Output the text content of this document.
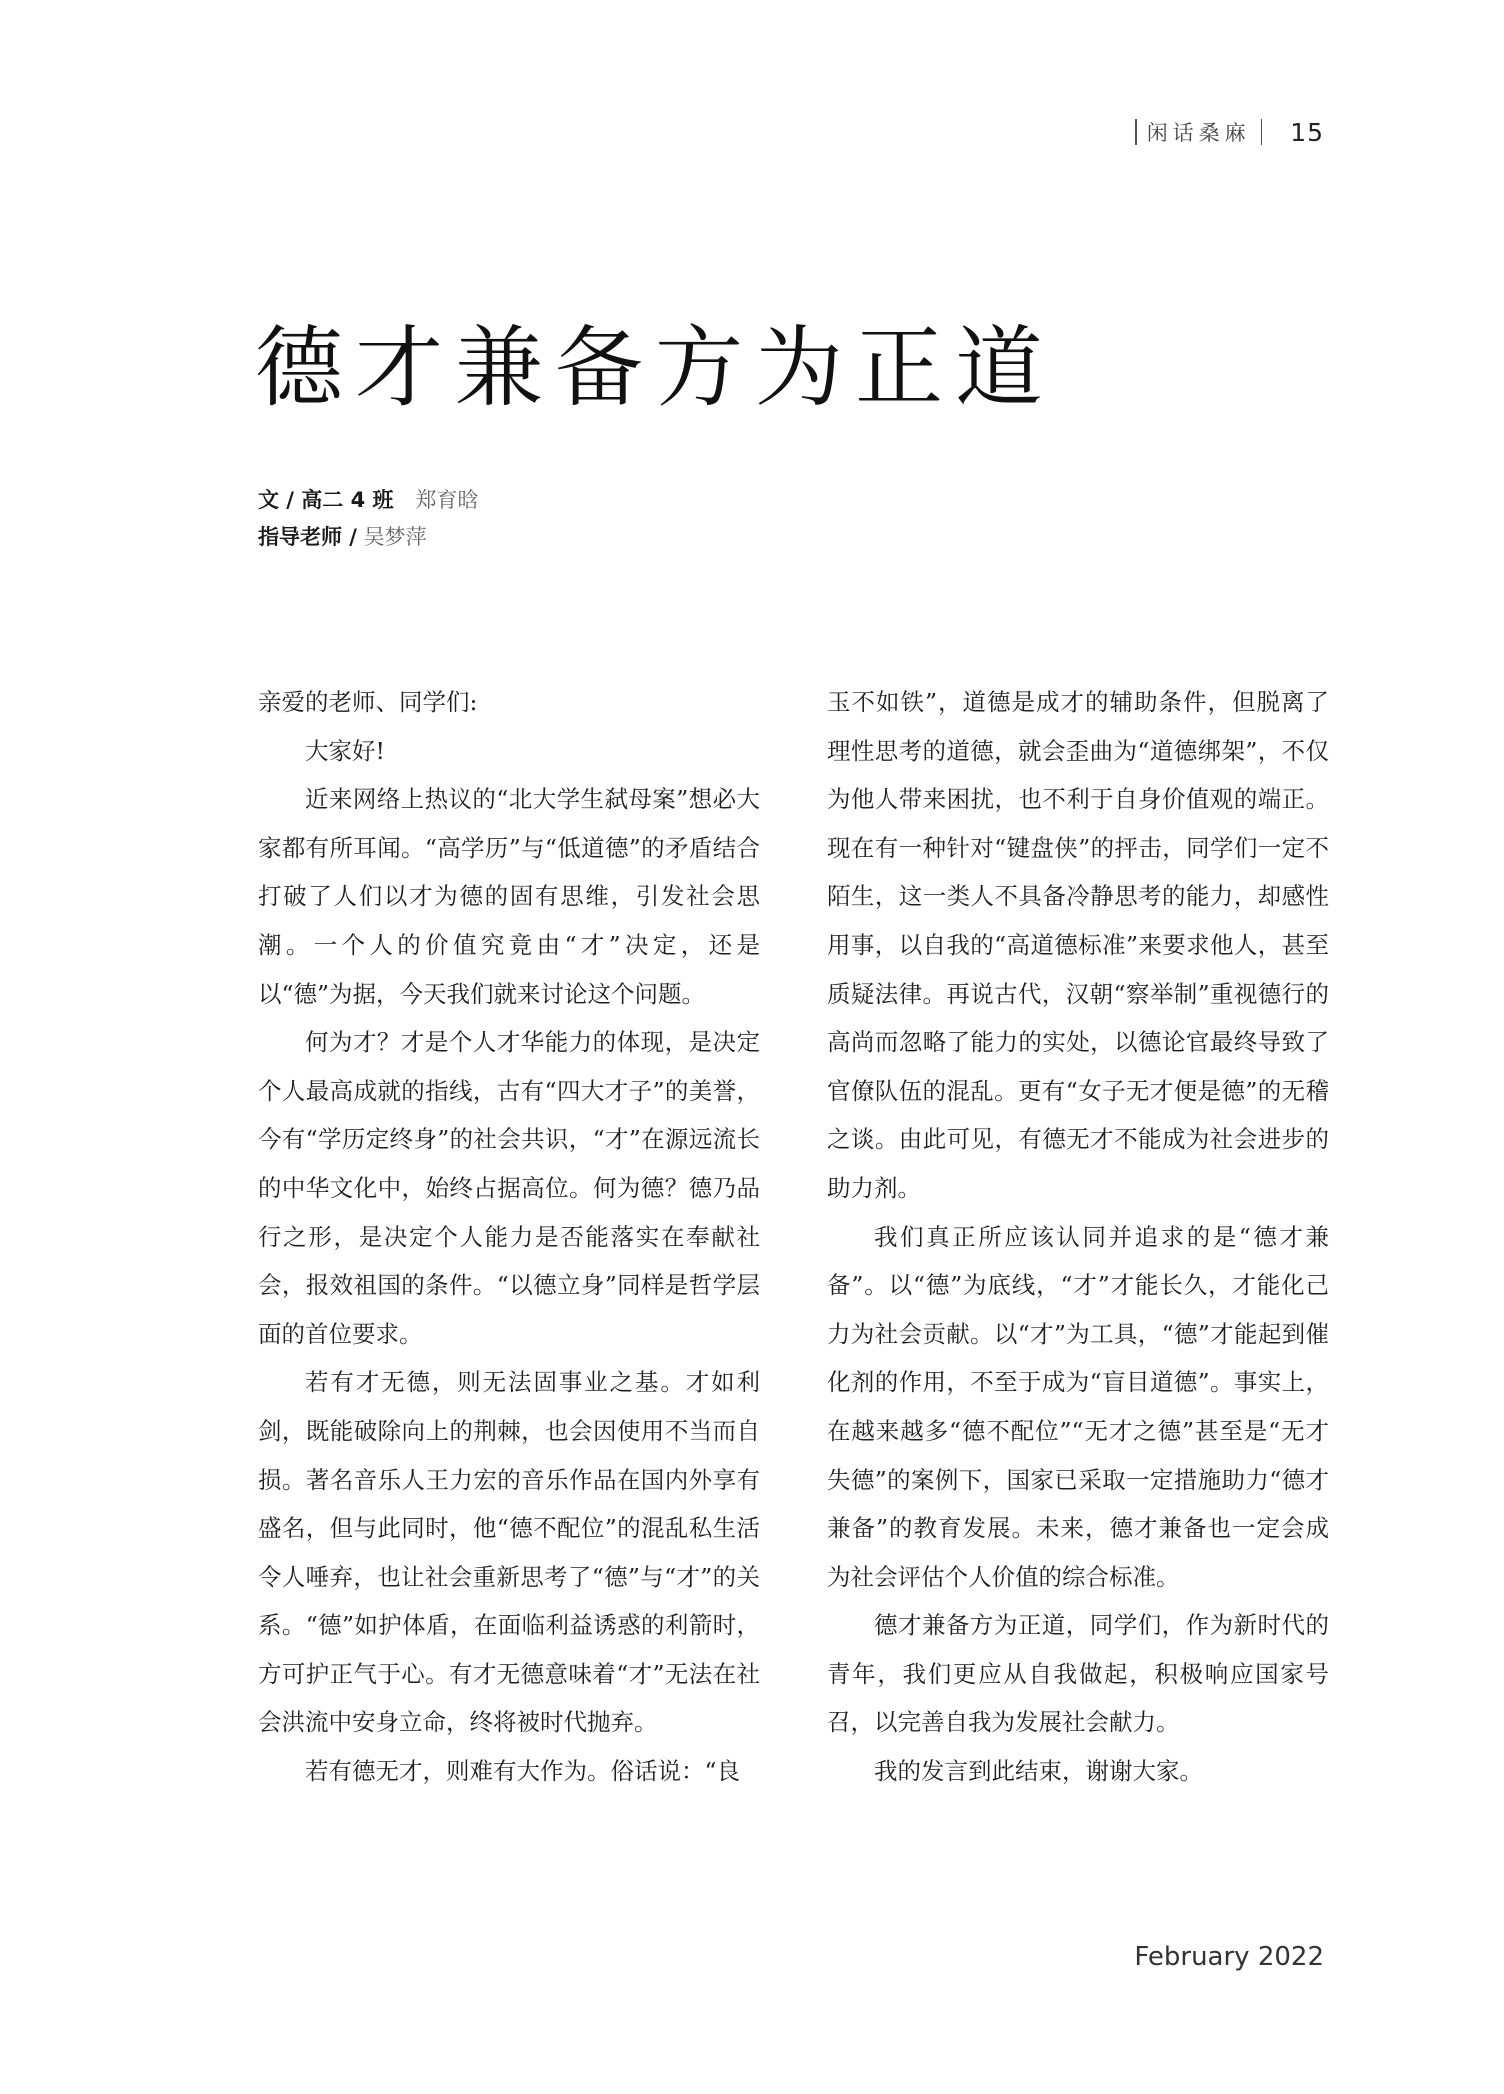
闲话桑麻 15
德才兼备方为正道
文 / 高二 4 班 郑育晗
指导老师 / 吴梦萍

亲爱的老师、同学们:

大家好!

近来网络上热议的“北大学生弑母案”想必大家都有所耳闻。“高学历”与“低道德”的矛盾结合打破了人们以才为德的固有思维，引发社会思潮。一个人的价值究竟由“才”决定，还是以“德”为据，今天我们就来讨论这个问题。

何为才？才是个人才华能力的体现，是决定个人最高成就的指线，古有“四大才子”的美誉，今有“学历定终身”的社会共识，“才”在源远流长的中华文化中，始终占据高位。何为德？德乃品行之形，是决定个人能力是否能落实在奉献社会，报效祖国的条件。“以德立身”同样是哲学层面的首位要求。

若有才无德，则无法固事业之基。才如利剑，既能破除向上的荆棘，也会因使用不当而自损。著名音乐人王力宏的音乐作品在国内外享有盛名，但与此同时，他“德不配位”的混乱私生活令人唾弃，也让社会重新思考了“德”与“才”的关系。“德”如护体盾，在面临利益诱惑的利箭时，方可护正气于心。有才无德意味着“才”无法在社会洪流中安身立命，终将被时代抛弃。

若有德无才，则难有大作为。俗话说：“良

玉不如铁”，道德是成才的辅助条件，但脱离了理性思考的道德，就会歪曲为“道德绑架”，不仅为他人带来困扰，也不利于自身价值观的端正。现在有一种针对“键盘侠”的抨击，同学们一定不陌生，这一类人不具备冷静思考的能力，却感性用事，以自我的“高道德标准”来要求他人，甚至质疑法律。再说古代，汉朝“察举制”重视德行的高尚而忽略了能力的实处，以德论官最终导致了官僚队伍的混乱。更有“女子无才便是德”的无稽之谈。由此可见，有德无才不能成为社会进步的助力剂。

我们真正所应该认同并追求的是“德才兼备”。以“德”为底线，“才”才能长久，才能化己力为社会贡献。以“才”为工具，“德”才能起到催化剂的作用，不至于成为“盲目道德”。事实上，在越来越多“德不配位”“无才之德”甚至是“无才失德”的案例下，国家已采取一定措施助力“德才兼备”的教育发展。未来，德才兼备也一定会成为社会评估个人价值的综合标准。

德才兼备方为正道，同学们，作为新时代的青年，我们更应从自我做起，积极响应国家号召，以完善自我为发展社会献力。

我的发言到此结束，谢谢大家。

February 2022
